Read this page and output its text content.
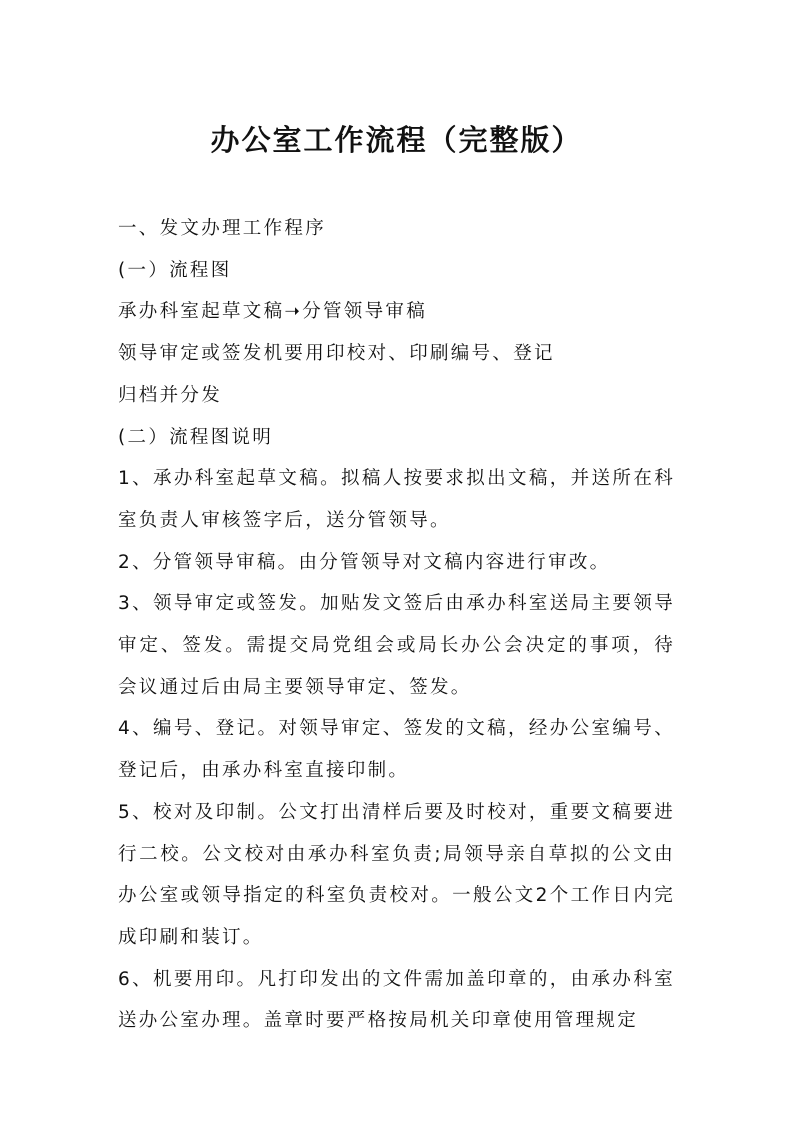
办公室工作流程（完整版）

一、发文办理工作程序

(一）流程图

承办科室起草文稿➝分管领导审稿

领导审定或签发机要用印校对、印刷编号、登记

归档并分发

(二）流程图说明

1、承办科室起草文稿。拟稿人按要求拟出文稿，并送所在科室负责人审核签字后，送分管领导。

2、分管领导审稿。由分管领导对文稿内容进行审改。

3、领导审定或签发。加贴发文签后由承办科室送局主要领导审定、签发。需提交局党组会或局长办公会决定的事项，待会议通过后由局主要领导审定、签发。

4、编号、登记。对领导审定、签发的文稿，经办公室编号、登记后，由承办科室直接印制。

5、校对及印制。公文打出清样后要及时校对，重要文稿要进行二校。公文校对由承办科室负责;局领导亲自草拟的公文由办公室或领导指定的科室负责校对。一般公文2个工作日内完成印刷和装订。

6、机要用印。凡打印发出的文件需加盖印章的，由承办科室送办公室办理。盖章时要严格按局机关印章使用管理规定
